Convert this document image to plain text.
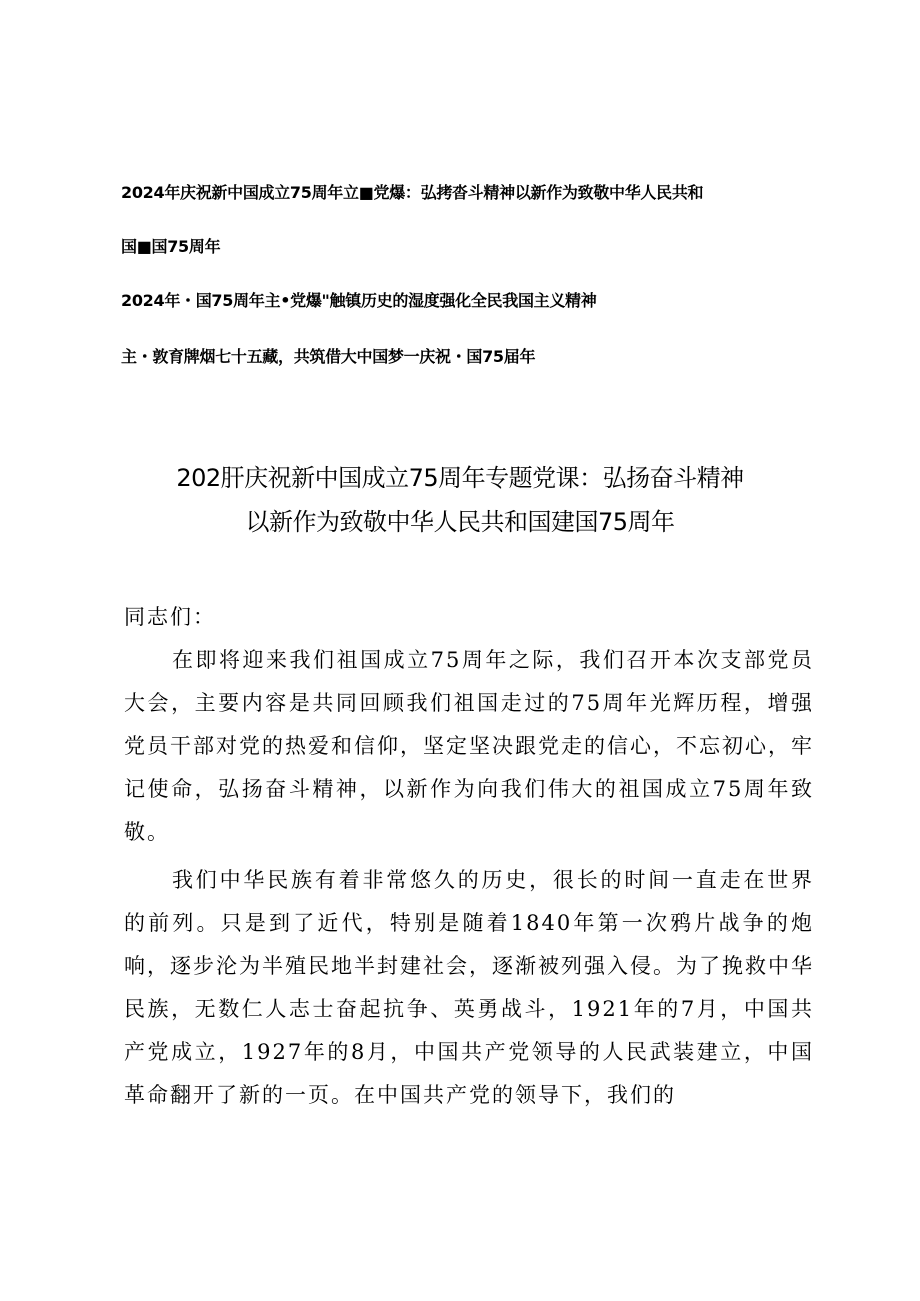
2024年庆祝新中国成立75周年立■党爆：弘拷沓斗精神以新作为致敬中华人民共和
国■国75周年
2024年・国75周年主•党爆"触镇历史的湿度强化全民我国主义精神
主・敦育牌烟七十五藏，共筑借大中国梦一庆祝・国75届年
202肝庆祝新中国成立75周年专题党课：弘扬奋斗精神
以新作为致敬中华人民共和国建国75周年

同志们：

在即将迎来我们祖国成立75周年之际，我们召开本次支部党员大会，主要内容是共同回顾我们祖国走过的75周年光辉历程，增强党员干部对党的热爱和信仰，坚定坚决跟党走的信心，不忘初心，牢记使命，弘扬奋斗精神，以新作为向我们伟大的祖国成立75周年致敬。

我们中华民族有着非常悠久的历史，很长的时间一直走在世界的前列。只是到了近代，特别是随着1840年第一次鸦片战争的炮响，逐步沦为半殖民地半封建社会，逐渐被列强入侵。为了挽救中华民族，无数仁人志士奋起抗争、英勇战斗，1921年的7月，中国共产党成立，1927年的8月，中国共产党领导的人民武装建立，中国革命翻开了新的一页。在中国共产党的领导下，我们的
